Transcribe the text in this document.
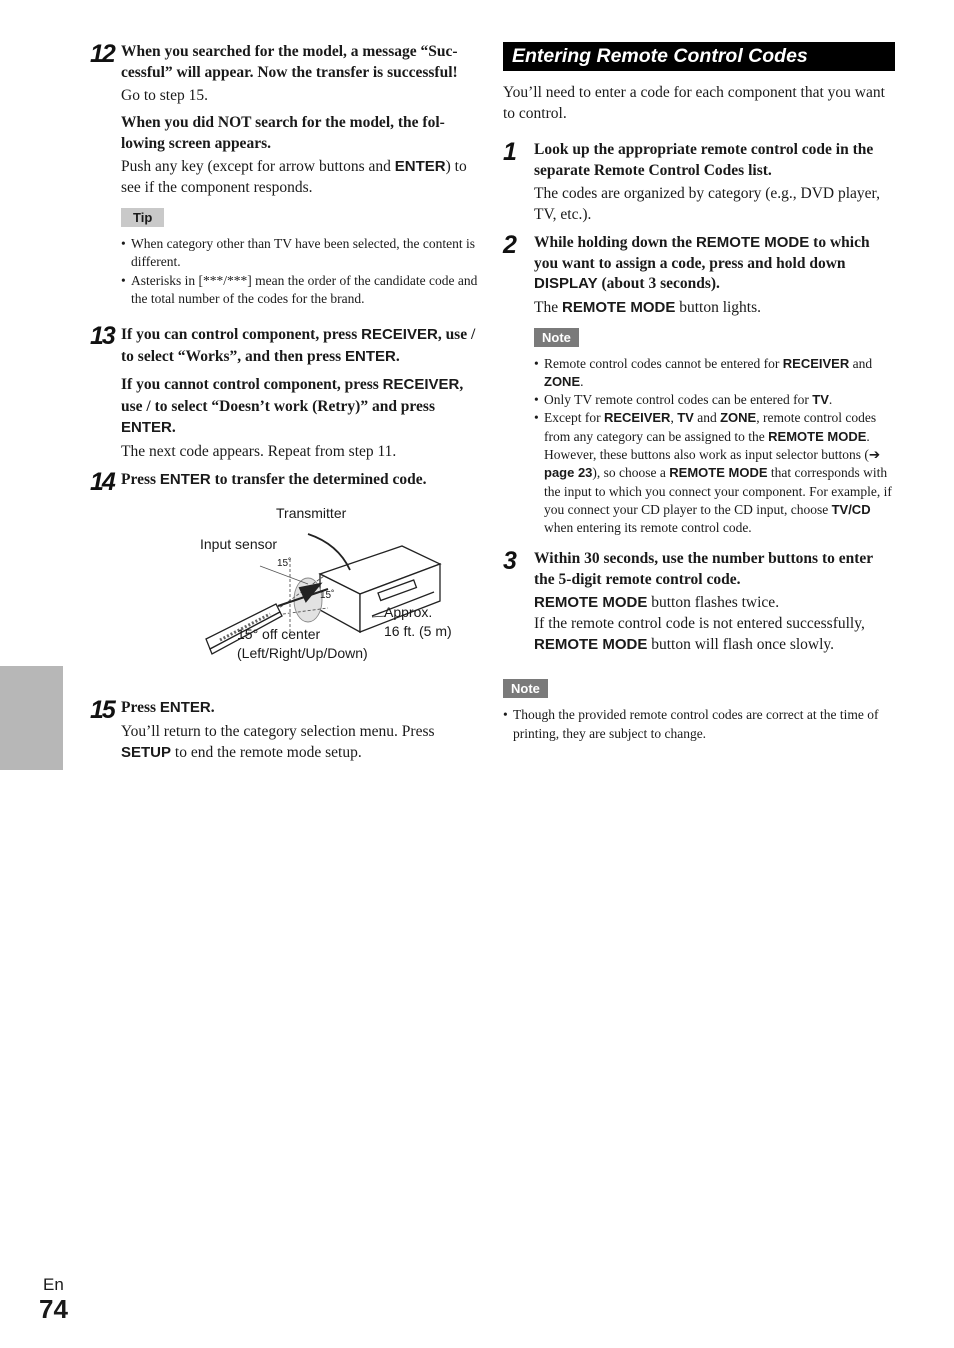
12 When you searched for the model, a message “Suc-cessful” will appear. Now the transfer is successful!

Go to step 15.

When you did NOT search for the model, the fol-lowing screen appears.

Push any key (except for arrow buttons and ENTER) to see if the component responds.

Tip
• When category other than TV have been selected, the content is different.
• Asterisks in [***/***] mean the order of the candidate code and the total number of the codes for the brand.
13 If you can control component, press RECEIVER, use / to select “Works”, and then press ENTER.

If you cannot control component, press RECEIVER, use / to select “Doesn’t work (Retry)” and press ENTER.

The next code appears. Repeat from step 11.

14 Press ENTER to transfer the determined code.

Transmitter
Input sensor
15˚
15˚
Approx.
16 ft. (5 m)
15° off center
(Left/Right/Up/Down)
15 Press ENTER.

You’ll return to the category selection menu. Press SETUP to end the remote mode setup.

Entering Remote Control Codes

You’ll need to enter a code for each component that you want to control.

1 Look up the appropriate remote control code in the separate Remote Control Codes list.

The codes are organized by category (e.g., DVD player, TV, etc.).

2 While holding down the REMOTE MODE to which you want to assign a code, press and hold down DISPLAY (about 3 seconds).

The REMOTE MODE button lights.

Note
• Remote control codes cannot be entered for RECEIVER and ZONE.
• Only TV remote control codes can be entered for TV.
• Except for RECEIVER, TV and ZONE, remote control codes from any category can be assigned to the REMOTE MODE. However, these buttons also work as input selector buttons (➔ page 23), so choose a REMOTE MODE that corresponds with the input to which you connect your component. For example, if you connect your CD player to the CD input, choose TV/CD when entering its remote control code.
3 Within 30 seconds, use the number buttons to enter the 5-digit remote control code.

REMOTE MODE button flashes twice.

If the remote control code is not entered successfully, REMOTE MODE button will flash once slowly.

Note
• Though the provided remote control codes are correct at the time of printing, they are subject to change.
En
74
